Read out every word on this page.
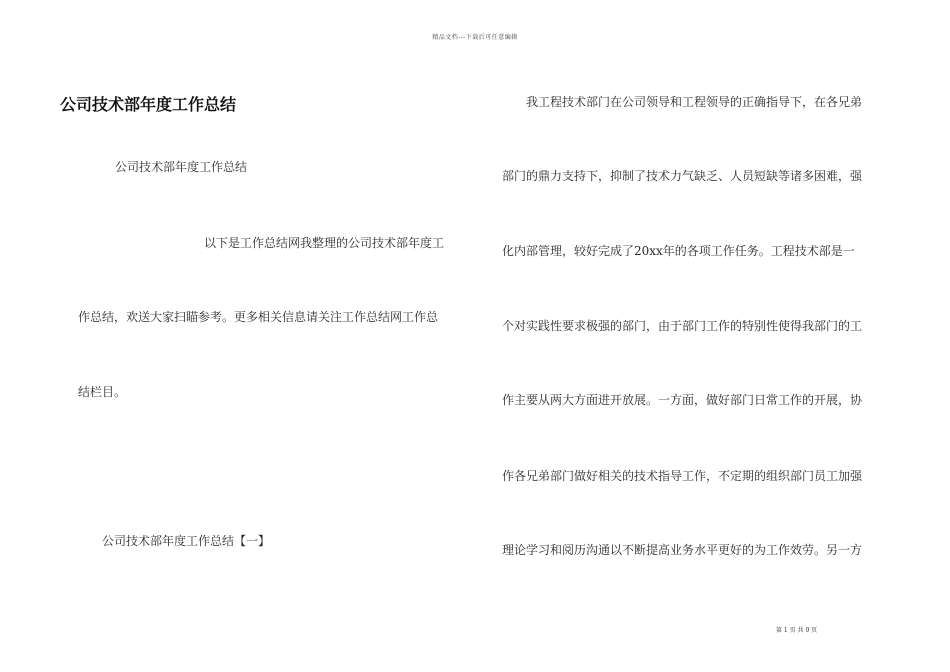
精品文档---下载后可任意编辑
公司技术部年度工作总结
公司技术部年度工作总结
以下是工作总结网我整理的公司技术部年度工
作总结，欢送大家扫瞄参考。更多相关信息请关注工作总结网工作总
结栏目。
公司技术部年度工作总结【一】
我工程技术部门在公司领导和工程领导的正确指导下，在各兄弟
部门的鼎力支持下，抑制了技术力气缺乏、人员短缺等诸多困难，强
化内部管理，较好完成了20xx年的各项工作任务。工程技术部是一
个对实践性要求极强的部门，由于部门工作的特别性使得我部门的工
作主要从两大方面进开放展。一方面，做好部门日常工作的开展，协
作各兄弟部门做好相关的技术指导工作，不定期的组织部门员工加强
理论学习和阅历沟通以不断提高业务水平更好的为工作效劳。另一方
第 1 页 共 9 页
